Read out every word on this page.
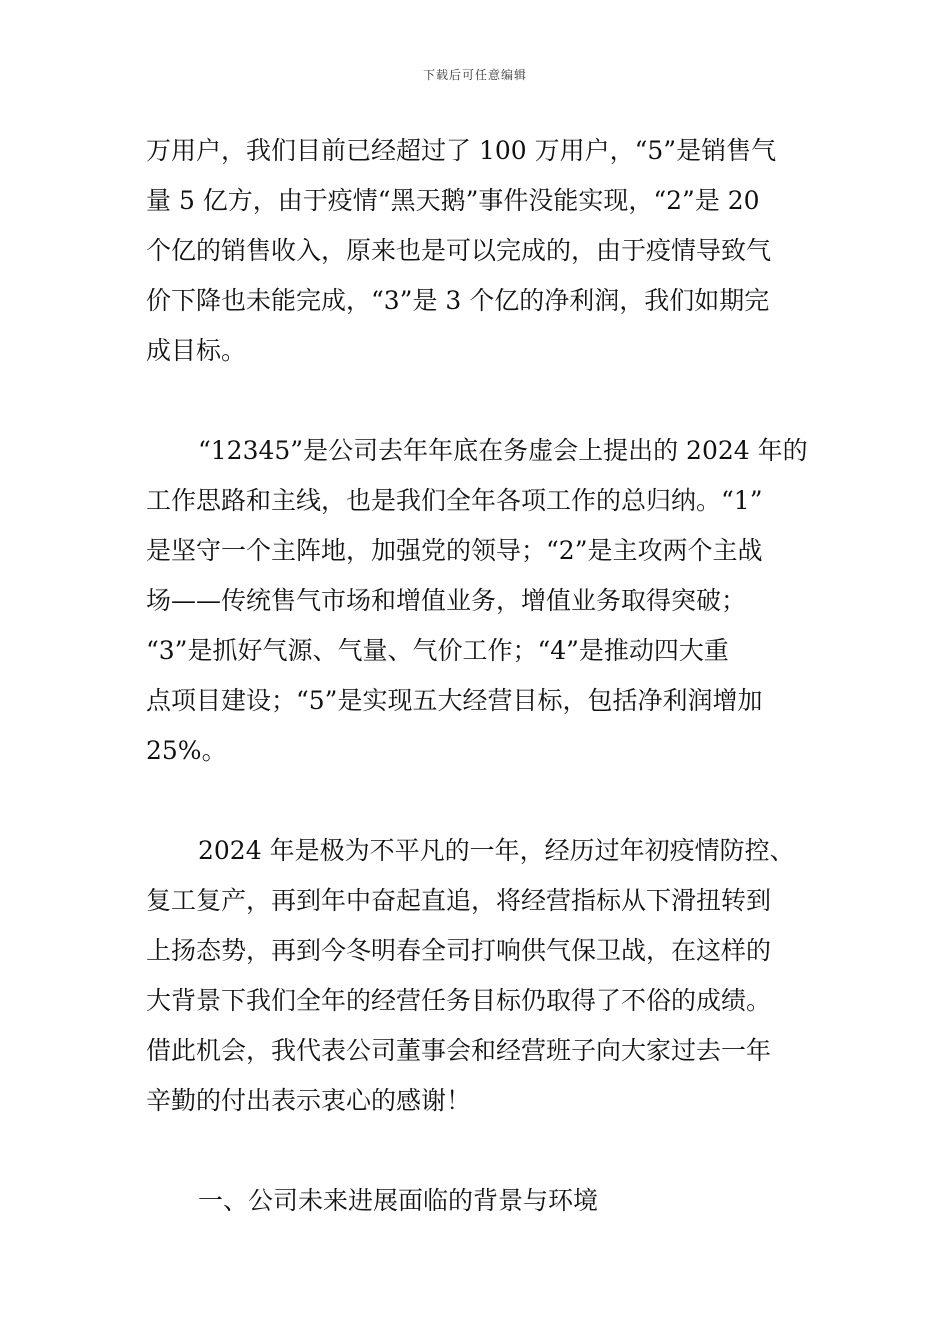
下载后可任意编辑
万用户，我们目前已经超过了 100 万用户，“5”是销售气
量 5 亿方，由于疫情“黑天鹅”事件没能实现，“2”是 20
个亿的销售收入，原来也是可以完成的，由于疫情导致气
价下降也未能完成，“3”是 3 个亿的净利润，我们如期完
成目标。
“12345”是公司去年年底在务虚会上提出的 2024 年的
工作思路和主线，也是我们全年各项工作的总归纳。“1”
是坚守一个主阵地，加强党的领导；“2”是主攻两个主战
场——传统售气市场和增值业务，增值业务取得突破；
“3”是抓好气源、气量、气价工作；“4”是推动四大重
点项目建设；“5”是实现五大经营目标，包括净利润增加
25%。
2024 年是极为不平凡的一年，经历过年初疫情防控、
复工复产，再到年中奋起直追，将经营指标从下滑扭转到
上扬态势，再到今冬明春全司打响供气保卫战，在这样的
大背景下我们全年的经营任务目标仍取得了不俗的成绩。
借此机会，我代表公司董事会和经营班子向大家过去一年
辛勤的付出表示衷心的感谢！
一、公司未来进展面临的背景与环境
